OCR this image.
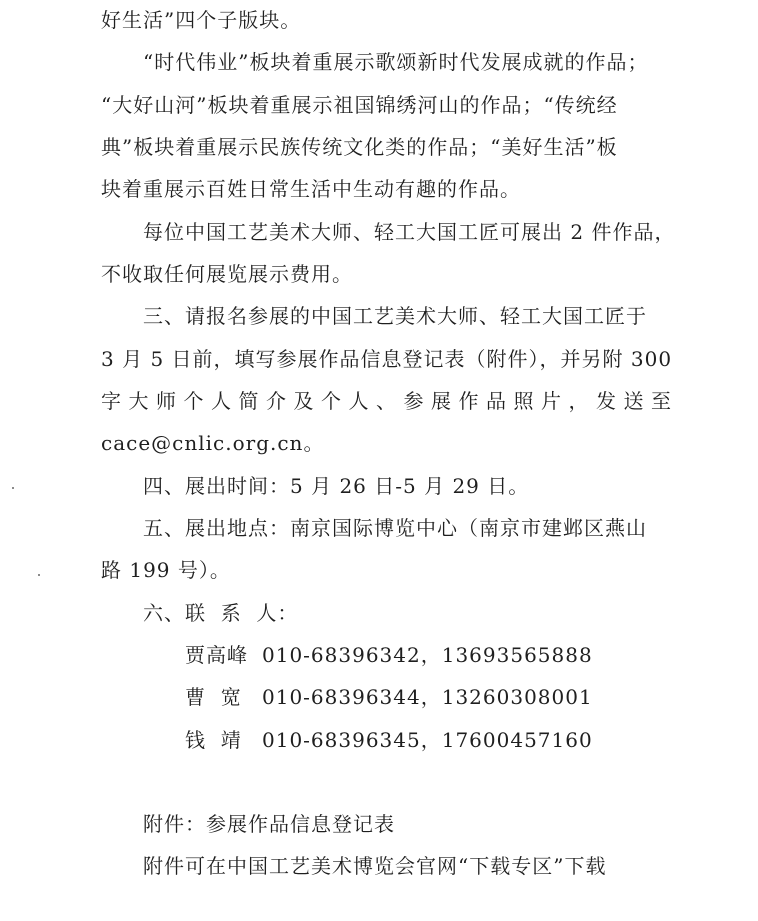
好生活”四个子版块。
“时代伟业”板块着重展示歌颂新时代发展成就的作品；
“大好山河”板块着重展示祖国锦绣河山的作品；“传统经
典”板块着重展示民族传统文化类的作品；“美好生活”板
块着重展示百姓日常生活中生动有趣的作品。
每位中国工艺美术大师、轻工大国工匠可展出 2 件作品，
不收取任何展览展示费用。
三、请报名参展的中国工艺美术大师、轻工大国工匠于
3 月 5 日前，填写参展作品信息登记表（附件），并另附 300
字大师个人简介及个人、参展作品照片，发送至
cace@cnlic.org.cn。
四、展出时间：5 月 26 日-5 月 29 日。
五、展出地点：南京国际博览中心（南京市建邺区燕山
路 199 号）。
六、联  系  人：
贾高峰 010-68396342，13693565888
曹  宽 010-68396344，13260308001
钱  靖 010-68396345，17600457160
附件：参展作品信息登记表
附件可在中国工艺美术博览会官网“下载专区”下载
